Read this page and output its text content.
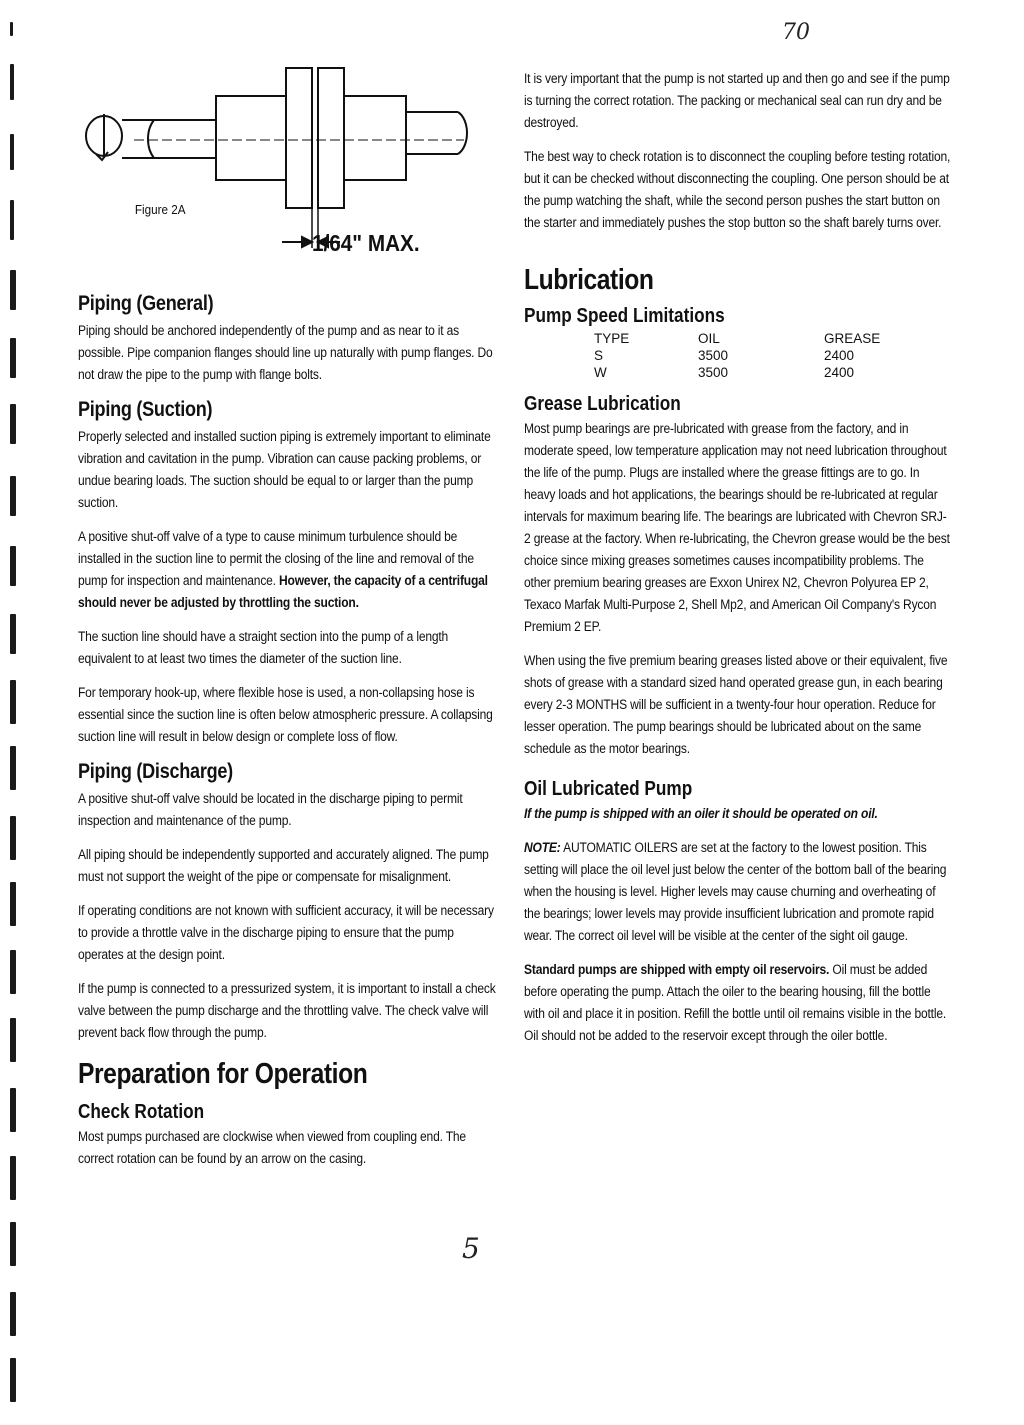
70
Figure 2A
1/64" MAX.
Piping (General)

Piping should be anchored independently of the pump and as near to it as possible. Pipe companion flanges should line up naturally with pump flanges. Do not draw the pipe to the pump with flange bolts.

Piping (Suction)

Properly selected and installed suction piping is extremely important to eliminate vibration and cavitation in the pump. Vibration can cause packing problems, or undue bearing loads. The suction should be equal to or larger than the pump suction.

A positive shut-off valve of a type to cause minimum turbulence should be installed in the suction line to permit the closing of the line and removal of the pump for inspection and maintenance. However, the capacity of a centrifugal should never be adjusted by throttling the suction.

The suction line should have a straight section into the pump of a length equivalent to at least two times the diameter of the suction line.

For temporary hook-up, where flexible hose is used, a non-collapsing hose is essential since the suction line is often below atmospheric pressure. A collapsing suction line will result in below design or complete loss of flow.

Piping (Discharge)

A positive shut-off valve should be located in the discharge piping to permit inspection and maintenance of the pump.

All piping should be independently supported and accurately aligned. The pump must not support the weight of the pipe or compensate for misalignment.

If operating conditions are not known with sufficient accuracy, it will be necessary to provide a throttle valve in the discharge piping to ensure that the pump operates at the design point.

If the pump is connected to a pressurized system, it is important to install a check valve between the pump discharge and the throttling valve. The check valve will prevent back flow through the pump.

Preparation for Operation
Check Rotation

Most pumps purchased are clockwise when viewed from coupling end. The correct rotation can be found by an arrow on the casing.

5

It is very important that the pump is not started up and then go and see if the pump is turning the correct rotation. The packing or mechanical seal can run dry and be destroyed.

The best way to check rotation is to disconnect the coupling before testing rotation, but it can be checked without disconnecting the coupling. One person should be at the pump watching the shaft, while the second person pushes the start button on the starter and immediately pushes the stop button so the shaft barely turns over.

Lubrication
Pump Speed Limitations
TYPE	OIL	GREASE
S	3500	2400
W	3500	2400
Grease Lubrication

Most pump bearings are pre-lubricated with grease from the factory, and in moderate speed, low temperature application may not need lubrication throughout the life of the pump. Plugs are installed where the grease fittings are to go. In heavy loads and hot applications, the bearings should be re-lubricated at regular intervals for maximum bearing life. The bearings are lubricated with Chevron SRJ-2 grease at the factory. When re-lubricating, the Chevron grease would be the best choice since mixing greases sometimes causes incompatibility problems. The other premium bearing greases are Exxon Unirex N2, Chevron Polyurea EP 2, Texaco Marfak Multi-Purpose 2, Shell Mp2, and American Oil Company's Rycon Premium 2 EP.

When using the five premium bearing greases listed above or their equivalent, five shots of grease with a standard sized hand operated grease gun, in each bearing every 2-3 MONTHS will be sufficient in a twenty-four hour operation. Reduce for lesser operation. The pump bearings should be lubricated about on the same schedule as the motor bearings.

Oil Lubricated Pump

If the pump is shipped with an oiler it should be operated on oil.

NOTE: AUTOMATIC OILERS are set at the factory to the lowest position. This setting will place the oil level just below the center of the bottom ball of the bearing when the housing is level. Higher levels may cause churning and overheating of the bearings; lower levels may provide insufficient lubrication and promote rapid wear. The correct oil level will be visible at the center of the sight oil gauge.

Standard pumps are shipped with empty oil reservoirs. Oil must be added before operating the pump. Attach the oiler to the bearing housing, fill the bottle with oil and place it in position. Refill the bottle until oil remains visible in the bottle. Oil should not be added to the reservoir except through the oiler bottle.
